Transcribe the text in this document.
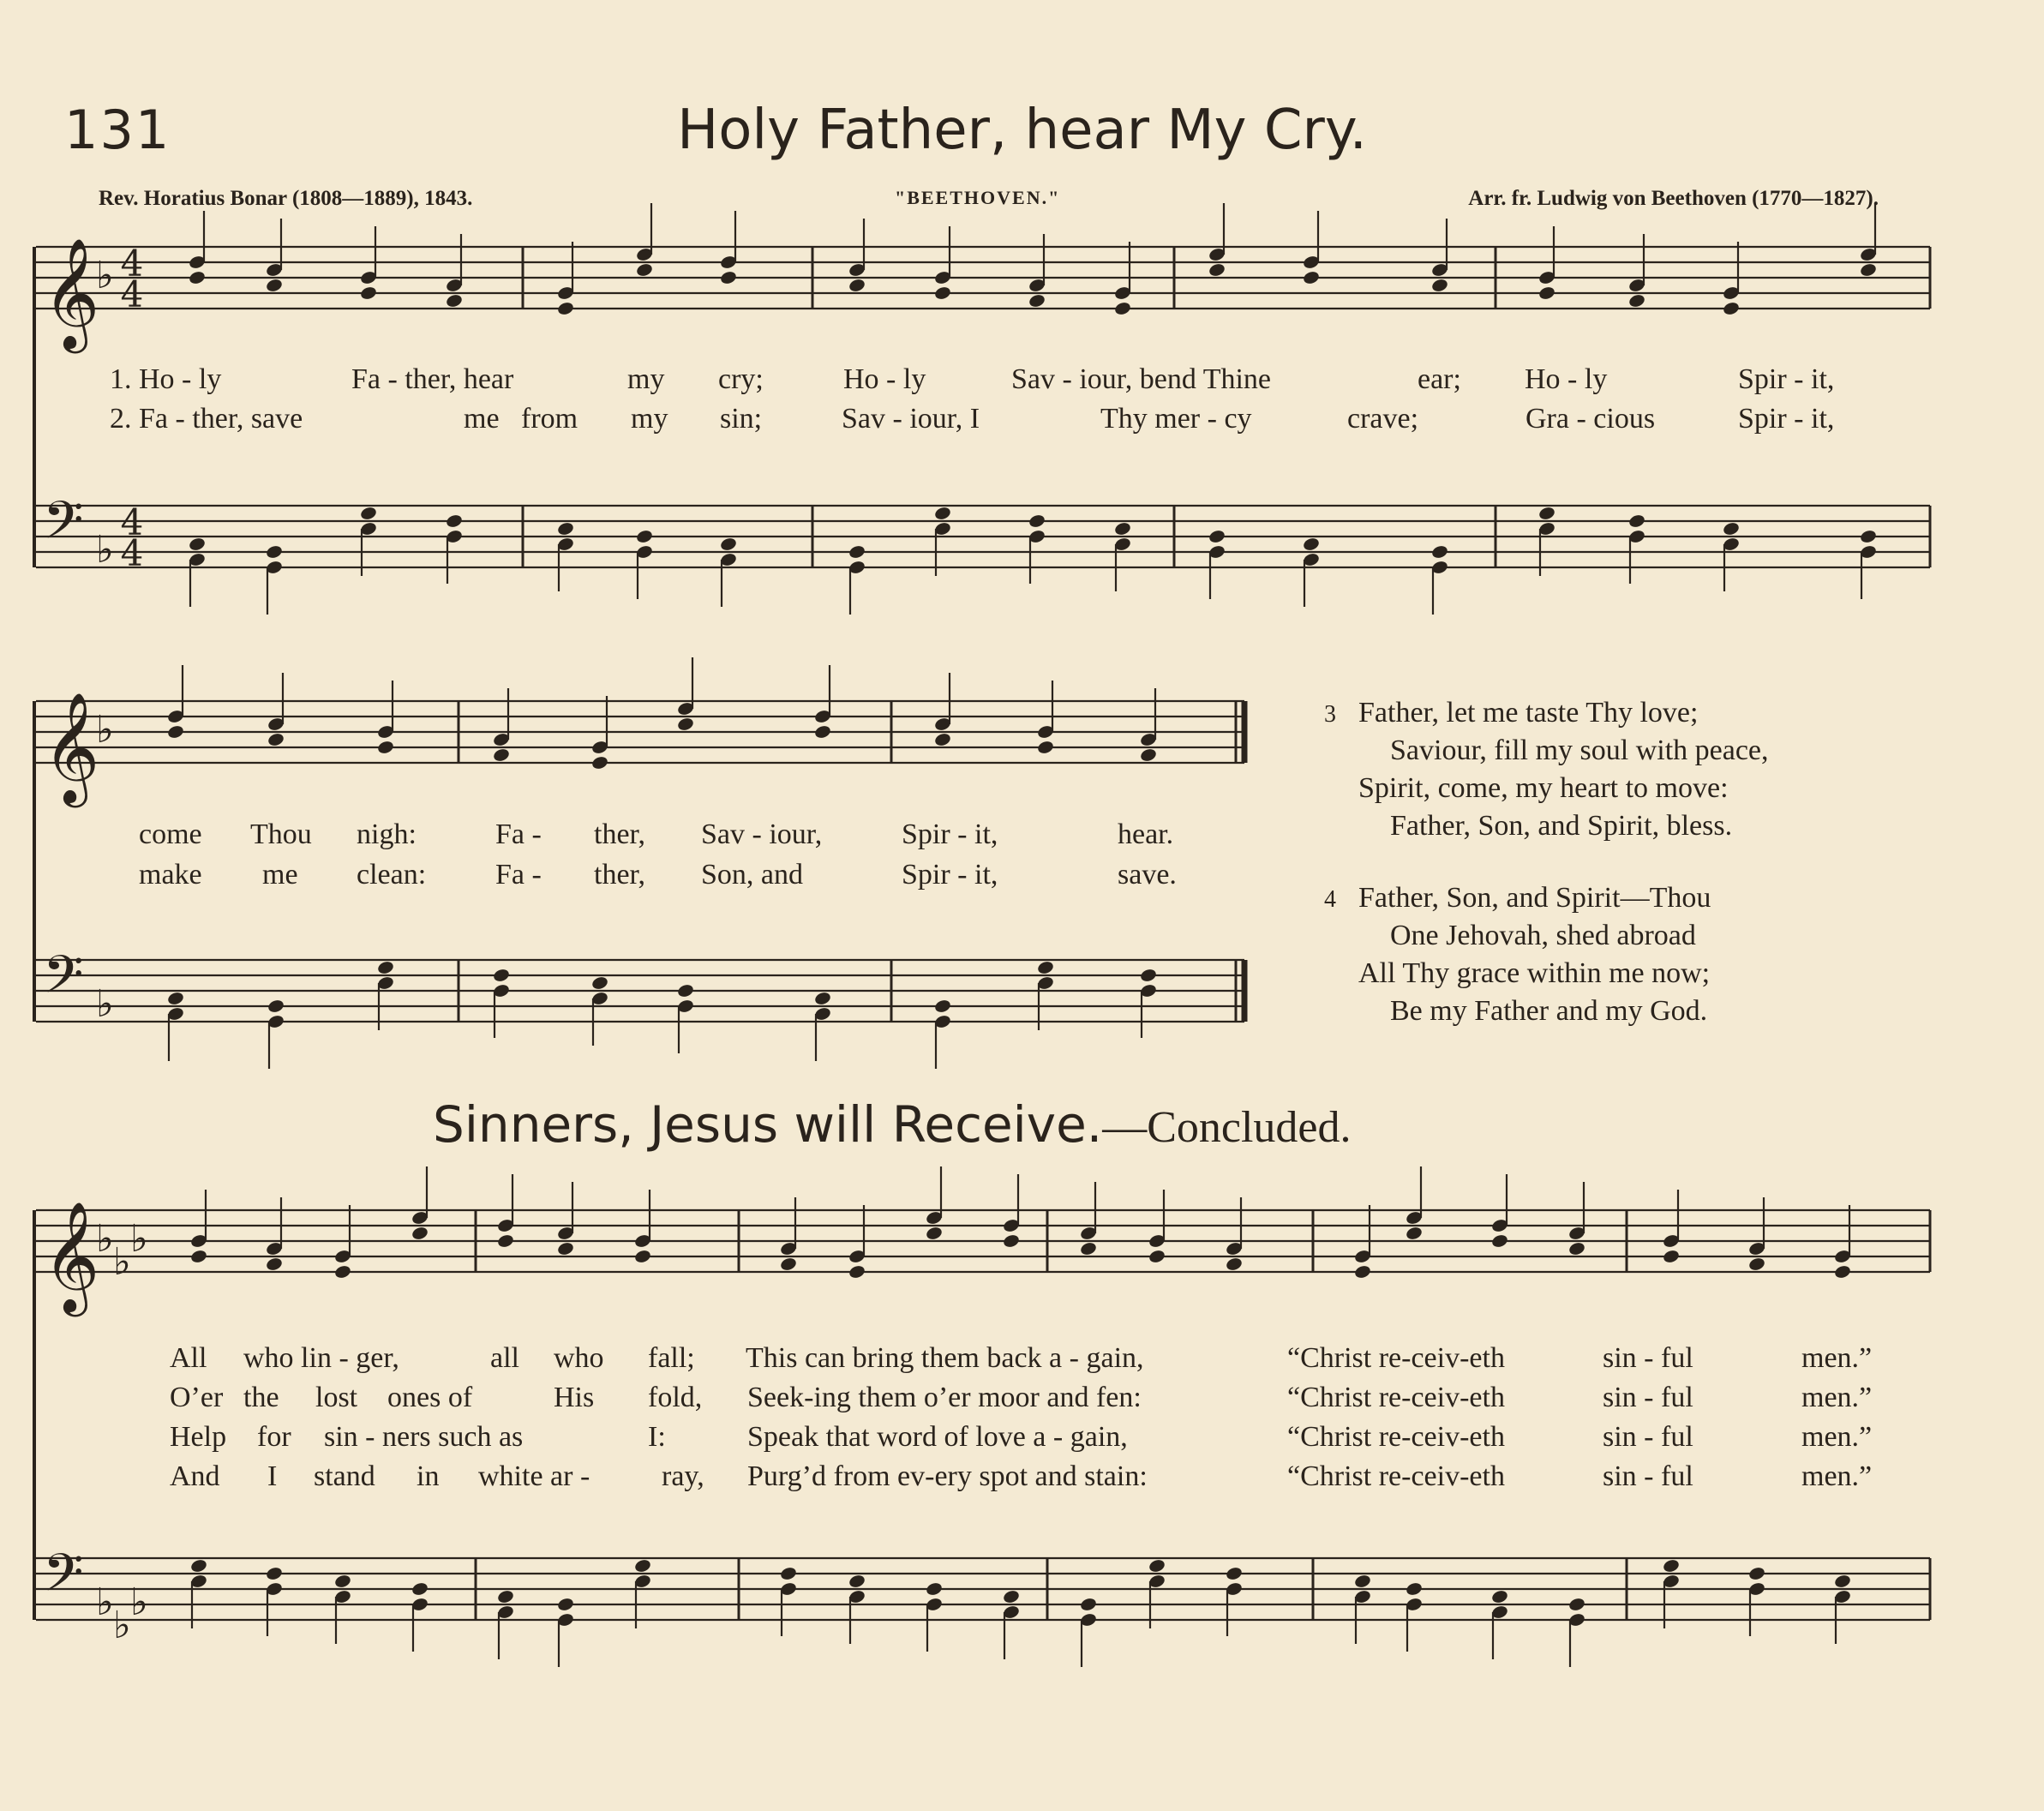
131	Holy Father, hear My Cry.
Rev. Horatius Bonar (1808—1889), 1843.	"BEETHOVEN."	Arr. fr. Ludwig von Beethoven (1770—1827).
𝄞
♭ 4
4
𝄢 ♭
4
4
𝄞
♭
𝄢 ♭
𝄞
♭
♭
♭
𝄢 ♭
♭
♭
1. Ho - ly	Fa - ther, hear	my cry;	Ho - ly	Sav - iour, bend Thine	ear; Ho - ly	Spir - it,
2. Fa - ther, save	me from my sin;	Sav - iour, I	Thy mer - cy	crave;	Gra - cious	Spir - it,
come Thou nigh:	Fa - ther, Sav - iour,	Spir - it,	hear.
make me clean: Fa - ther, Son, and	Spir - it,	save.
3 Father, let me taste Thy love;
Saviour, fill my soul with peace,
Spirit, come, my heart to move:
Father, Son, and Spirit, bless.
4 Father, Son, and Spirit—Thou
One Jehovah, shed abroad
All Thy grace within me now;
Be my Father and my God.
Sinners, Jesus will Receive.—Concluded.
All who lin - ger,	all who fall; This can bring them back a - gain,	“Christ re-ceiv-eth	sin - ful	men.”
O’er the lost ones of	His fold, Seek-ing them o’er moor and fen:	“Christ re-ceiv-eth	sin - ful	men.”
Help for sin - ners such as	I:	Speak that word of love a - gain,	“Christ re-ceiv-eth	sin - ful	men.”
And I stand in white ar - ray, Purg’d from ev-ery spot and stain:	“Christ re-ceiv-eth	sin - ful	men.”
